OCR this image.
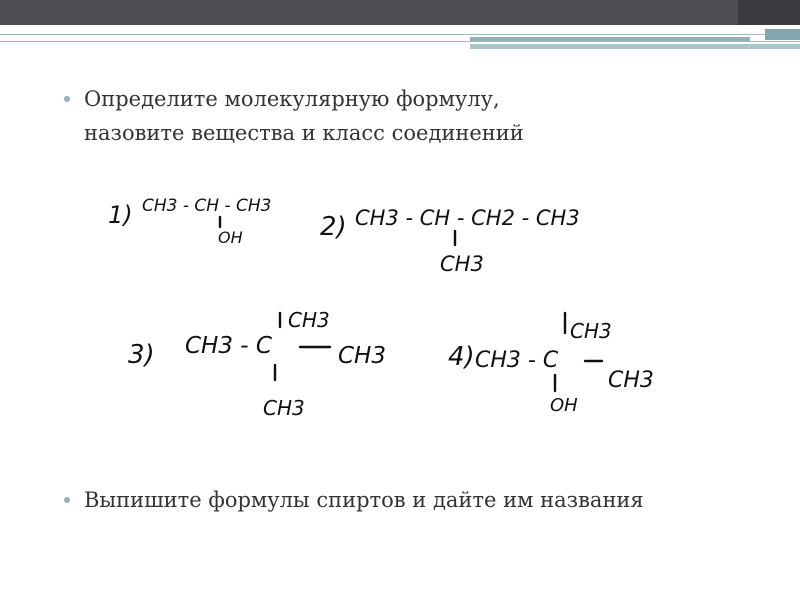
Определите молекулярную формулу,
назовите вещества и класс соединений
1) CH3 - CH - CH3
OH	2) CH3 - CH - CH2 - CH3
CH3
3) CH3 - C
CH3
CH3
CH3
4) CH3 - C
CH3
CH3
OH
Выпишите формулы спиртов и дайте им названия
